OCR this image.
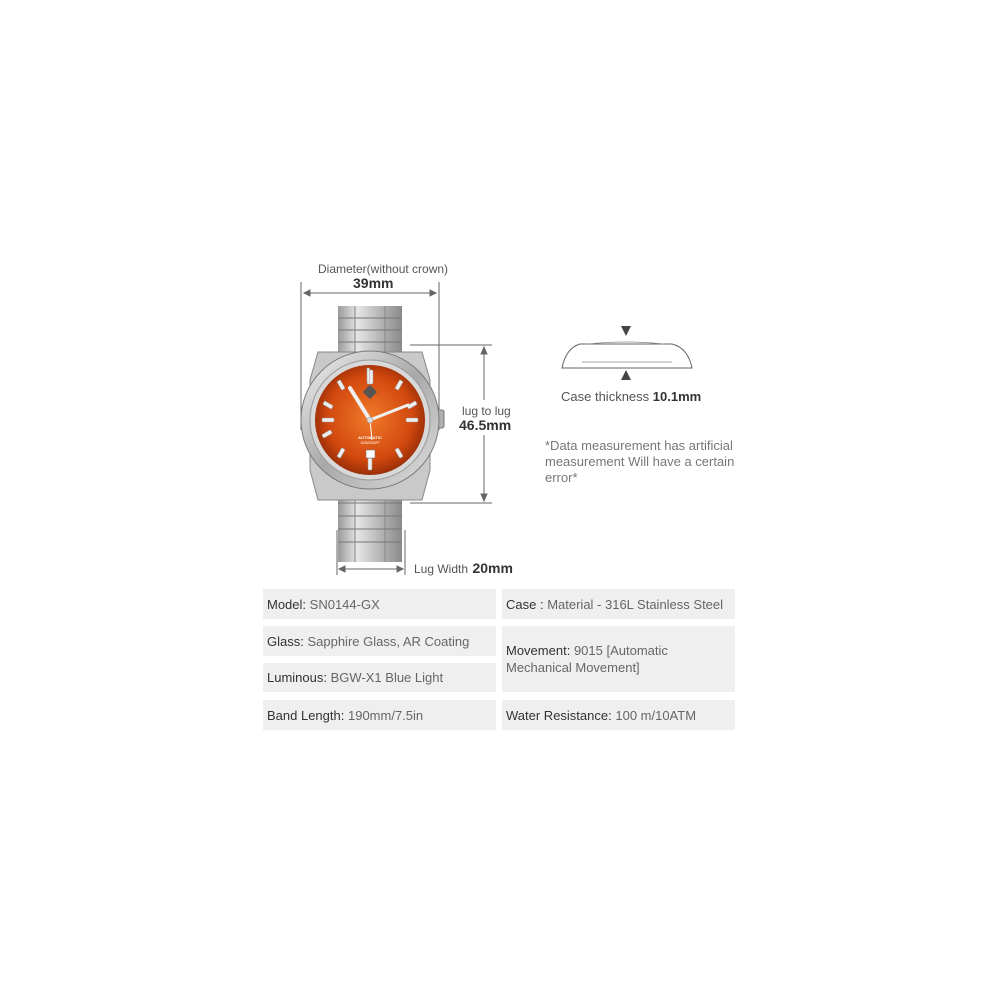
Diameter(without crown)
39mm
lug to lug
46.5mm
Lug Width 20mm
AUTOMATIC
100M/330FT
Case thickness 10.1mm
*Data measurement has artificial measurement Will have a certain error*
Model:
SN0144-GX	Case :
Material - 316L Stainless Steel
Glass:
Sapphire Glass, AR Coating
Movement: 9015 [Automatic Mechanical Movement]
Luminous:
BGW-X1 Blue Light
Band Length:
190mm/7.5in	Water Resistance:
100 m/10ATM
